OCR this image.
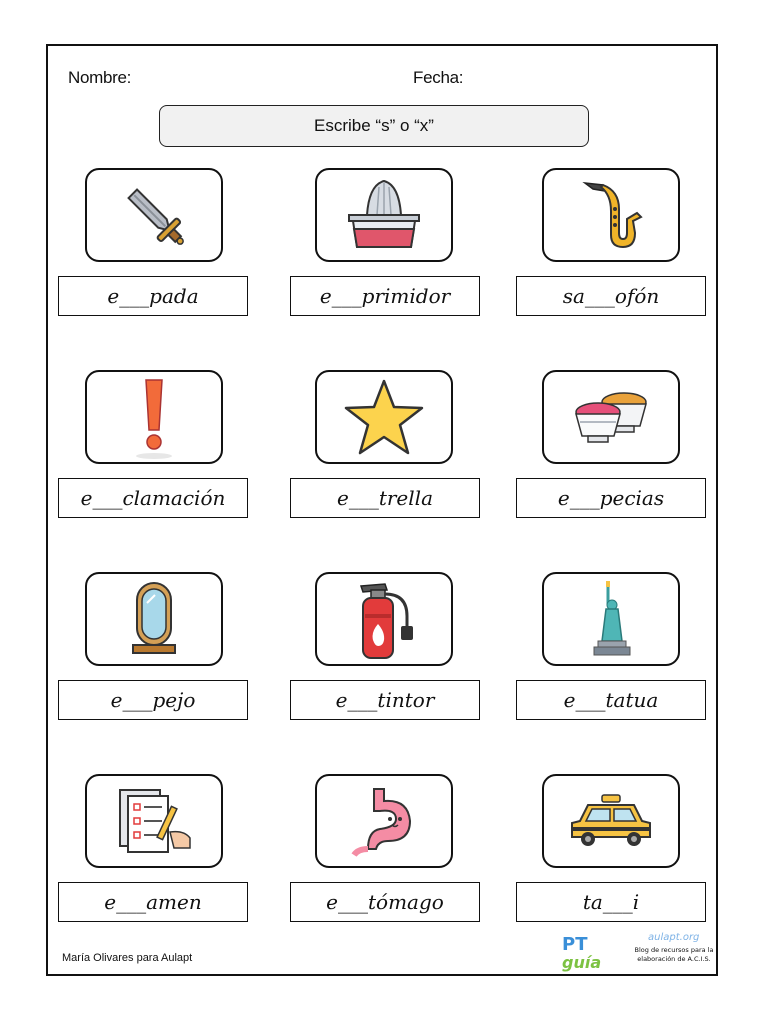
Nombre:	Fecha:
Escribe “s” o “x”
e___pada	e___primidor	sa___ofón
e___clamación	e___trella	e___pecias
e___pejo	e___tintor	e___tatua
e___amen	e___tómago	ta___i
María Olivares para Aulapt
PT
guía
aulapt.org
Blog de recursos para la elaboración de A.C.I.S.
